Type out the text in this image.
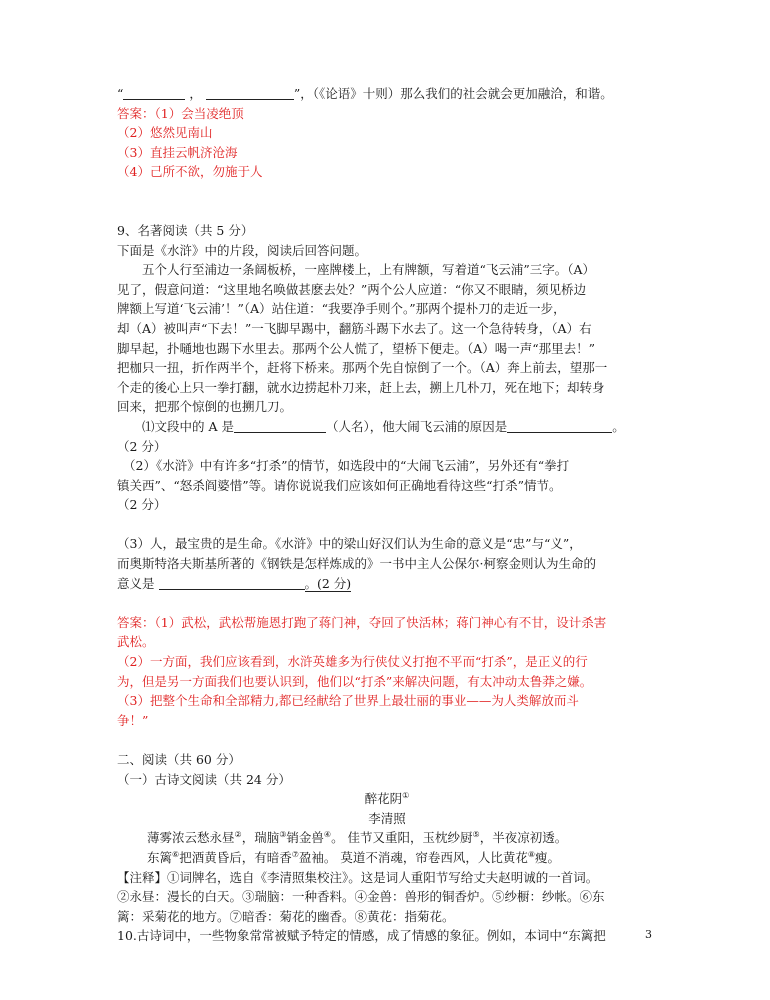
“	，	”，（《论语》十则）那么我们的社会就会更加融洽，和谐。
答案：（1）会当凌绝顶
（2）悠然见南山
（3）直挂云帆济沧海
（4）己所不欲，勿施于人
9、名著阅读（共 5 分）
下面是《水浒》中的片段，阅读后回答问题。
五个人行至浦边一条阔板桥，一座牌楼上，上有牌额，写着道“飞云浦”三字。（A）
见了，假意问道：“这里地名唤做甚麽去处？”两个公人应道：“你又不眼睛，须见桥边
牌额上写道‘飞云浦’！”（A）站住道：“我要净手则个。”那两个提朴刀的走近一步，
却（A）被叫声“下去！”一飞脚早踢中，翻筋斗踢下水去了。这一个急待转身，（A）右
脚早起，扑嗵地也踢下水里去。那两个公人慌了，望桥下便走。（A）喝一声“那里去！”
把枷只一扭，折作两半个，赶将下桥来。那两个先自惊倒了一个。（A）奔上前去，望那一
个走的後心上只一拳打翻，就水边捞起朴刀来，赶上去，搠上几朴刀，死在地下；却转身
回来，把那个惊倒的也搠几刀。
⑴文段中的 A 是	（人名），他大闹飞云浦的原因是	。
（2 分）
（2）《水浒》中有许多“打杀”的情节，如选段中的“大闹飞云浦”，另外还有“拳打
镇关西”、“怒杀阎婆惜”等。请你说说我们应该如何正确地看待这些“打杀”情节。
（2 分）
（3）人，最宝贵的是生命。《水浒》中的梁山好汉们认为生命的意义是“忠”与“义”，
而奥斯特洛夫斯基所著的《钢铁是怎样炼成的》一书中主人公保尔·柯察金则认为生命的
意义是	。(2 分)
答案：（1）武松，武松帮施恩打跑了蒋门神，夺回了快活林；蒋门神心有不甘，设计杀害
武松。
（2）一方面，我们应该看到，水浒英雄多为行侠仗义打抱不平而“打杀”，是正义的行
为，但是另一方面我们也要认识到，他们以“打杀”来解决问题，有太冲动太鲁莽之嫌。
（3）把整个生命和全部精力,都已经献给了世界上最壮丽的事业——为人类解放而斗
争！”
二、阅读（共 60 分）
（一）古诗文阅读（共 24 分）
醉花阴①
李清照
薄雾浓云愁永昼②，瑞脑③销金兽④。 佳节又重阳，玉枕纱厨⑤，半夜凉初透。
东篱⑥把酒黄昏后，有暗香⑦盈袖。 莫道不消魂，帘卷西风，人比黄花⑧瘦。
【注释】①词牌名，选自《李清照集校注》。这是词人重阳节写给丈夫赵明诚的一首词。
②永昼：漫长的白天。③瑞脑：一种香料。④金兽：兽形的铜香炉。⑤纱橱：纱帐。⑥东
篱：采菊花的地方。⑦暗香：菊花的幽香。⑧黄花：指菊花。
10.古诗词中，一些物象常常被赋予特定的情感，成了情感的象征。例如，本词中“东篱把	3
